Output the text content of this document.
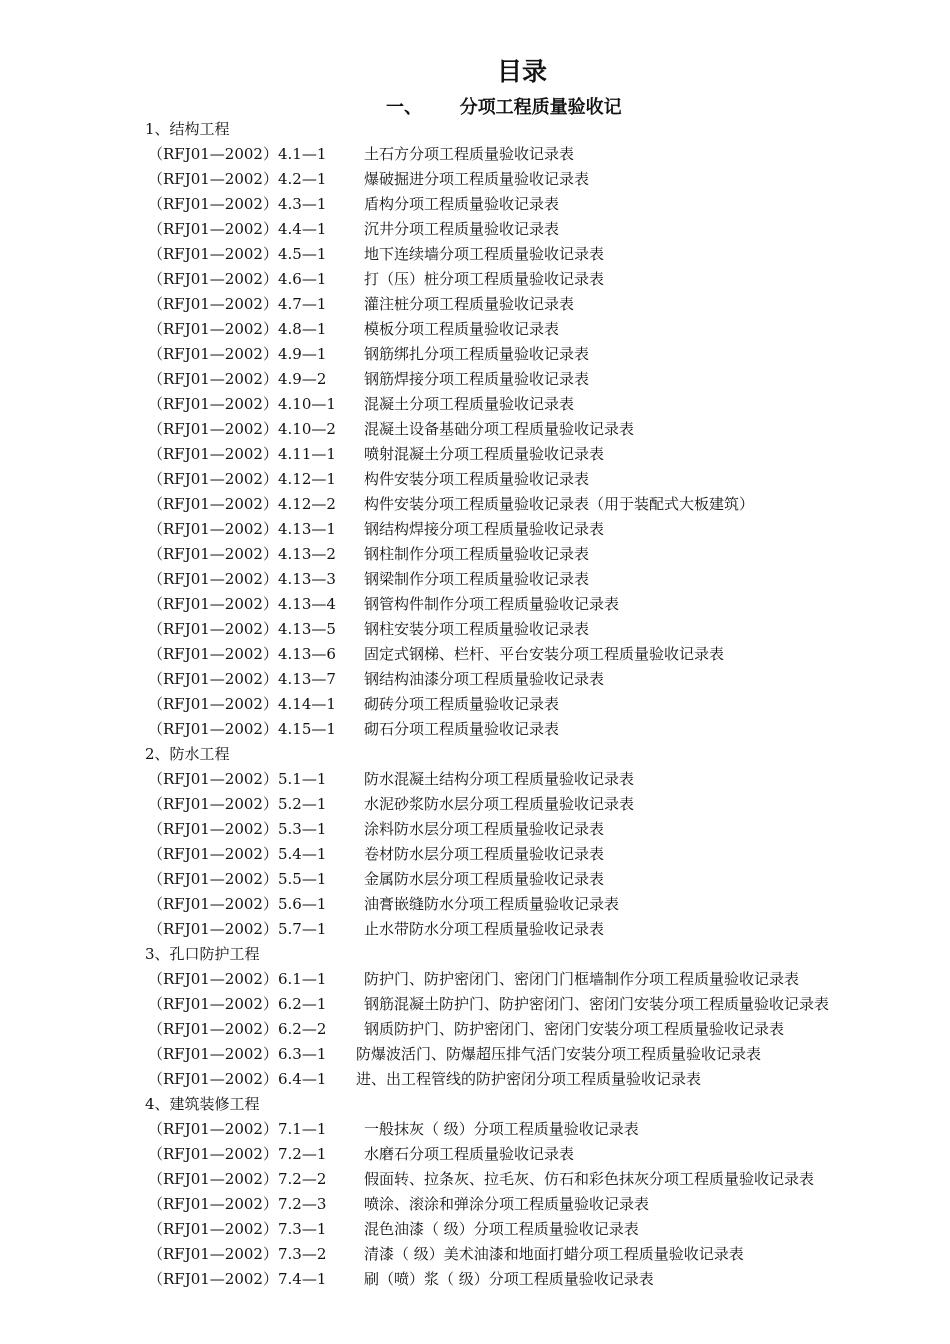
目录
一、      分项工程质量验收记
1、结构工程
（RFJ01—2002）4.1—1	土石方分项工程质量验收记录表
（RFJ01—2002）4.2—1	爆破掘进分项工程质量验收记录表
（RFJ01—2002）4.3—1	盾构分项工程质量验收记录表
（RFJ01—2002）4.4—1	沉井分项工程质量验收记录表
（RFJ01—2002）4.5—1	地下连续墙分项工程质量验收记录表
（RFJ01—2002）4.6—1	打（压）桩分项工程质量验收记录表
（RFJ01—2002）4.7—1	灌注桩分项工程质量验收记录表
（RFJ01—2002）4.8—1	模板分项工程质量验收记录表
（RFJ01—2002）4.9—1	钢筋绑扎分项工程质量验收记录表
（RFJ01—2002）4.9—2	钢筋焊接分项工程质量验收记录表
（RFJ01—2002）4.10—1	混凝土分项工程质量验收记录表
（RFJ01—2002）4.10—2	混凝土设备基础分项工程质量验收记录表
（RFJ01—2002）4.11—1	喷射混凝土分项工程质量验收记录表
（RFJ01—2002）4.12—1	构件安装分项工程质量验收记录表
（RFJ01—2002）4.12—2	构件安装分项工程质量验收记录表（用于装配式大板建筑）
（RFJ01—2002）4.13—1	钢结构焊接分项工程质量验收记录表
（RFJ01—2002）4.13—2	钢柱制作分项工程质量验收记录表
（RFJ01—2002）4.13—3	钢梁制作分项工程质量验收记录表
（RFJ01—2002）4.13—4	钢管构件制作分项工程质量验收记录表
（RFJ01—2002）4.13—5	钢柱安装分项工程质量验收记录表
（RFJ01—2002）4.13—6	固定式钢梯、栏杆、平台安装分项工程质量验收记录表
（RFJ01—2002）4.13—7	钢结构油漆分项工程质量验收记录表
（RFJ01—2002）4.14—1	砌砖分项工程质量验收记录表
（RFJ01—2002）4.15—1	砌石分项工程质量验收记录表
2、防水工程
（RFJ01—2002）5.1—1	防水混凝土结构分项工程质量验收记录表
（RFJ01—2002）5.2—1	水泥砂浆防水层分项工程质量验收记录表
（RFJ01—2002）5.3—1	涂料防水层分项工程质量验收记录表
（RFJ01—2002）5.4—1	卷材防水层分项工程质量验收记录表
（RFJ01—2002）5.5—1	金属防水层分项工程质量验收记录表
（RFJ01—2002）5.6—1	油膏嵌缝防水分项工程质量验收记录表
（RFJ01—2002）5.7—1	止水带防水分项工程质量验收记录表
3、孔口防护工程
（RFJ01—2002）6.1—1	防护门、防护密闭门、密闭门门框墙制作分项工程质量验收记录表
（RFJ01—2002）6.2—1	钢筋混凝土防护门、防护密闭门、密闭门安装分项工程质量验收记录表
（RFJ01—2002）6.2—2	钢质防护门、防护密闭门、密闭门安装分项工程质量验收记录表
（RFJ01—2002）6.3—1	防爆波活门、防爆超压排气活门安装分项工程质量验收记录表
（RFJ01—2002）6.4—1	进、出工程管线的防护密闭分项工程质量验收记录表
4、建筑装修工程
（RFJ01—2002）7.1—1	一般抹灰（ 级）分项工程质量验收记录表
（RFJ01—2002）7.2—1	水磨石分项工程质量验收记录表
（RFJ01—2002）7.2—2	假面转、拉条灰、拉毛灰、仿石和彩色抹灰分项工程质量验收记录表
（RFJ01—2002）7.2—3	喷涂、滚涂和弹涂分项工程质量验收记录表
（RFJ01—2002）7.3—1	混色油漆（ 级）分项工程质量验收记录表
（RFJ01—2002）7.3—2	清漆（ 级）美术油漆和地面打蜡分项工程质量验收记录表
（RFJ01—2002）7.4—1	刷（喷）浆（ 级）分项工程质量验收记录表
